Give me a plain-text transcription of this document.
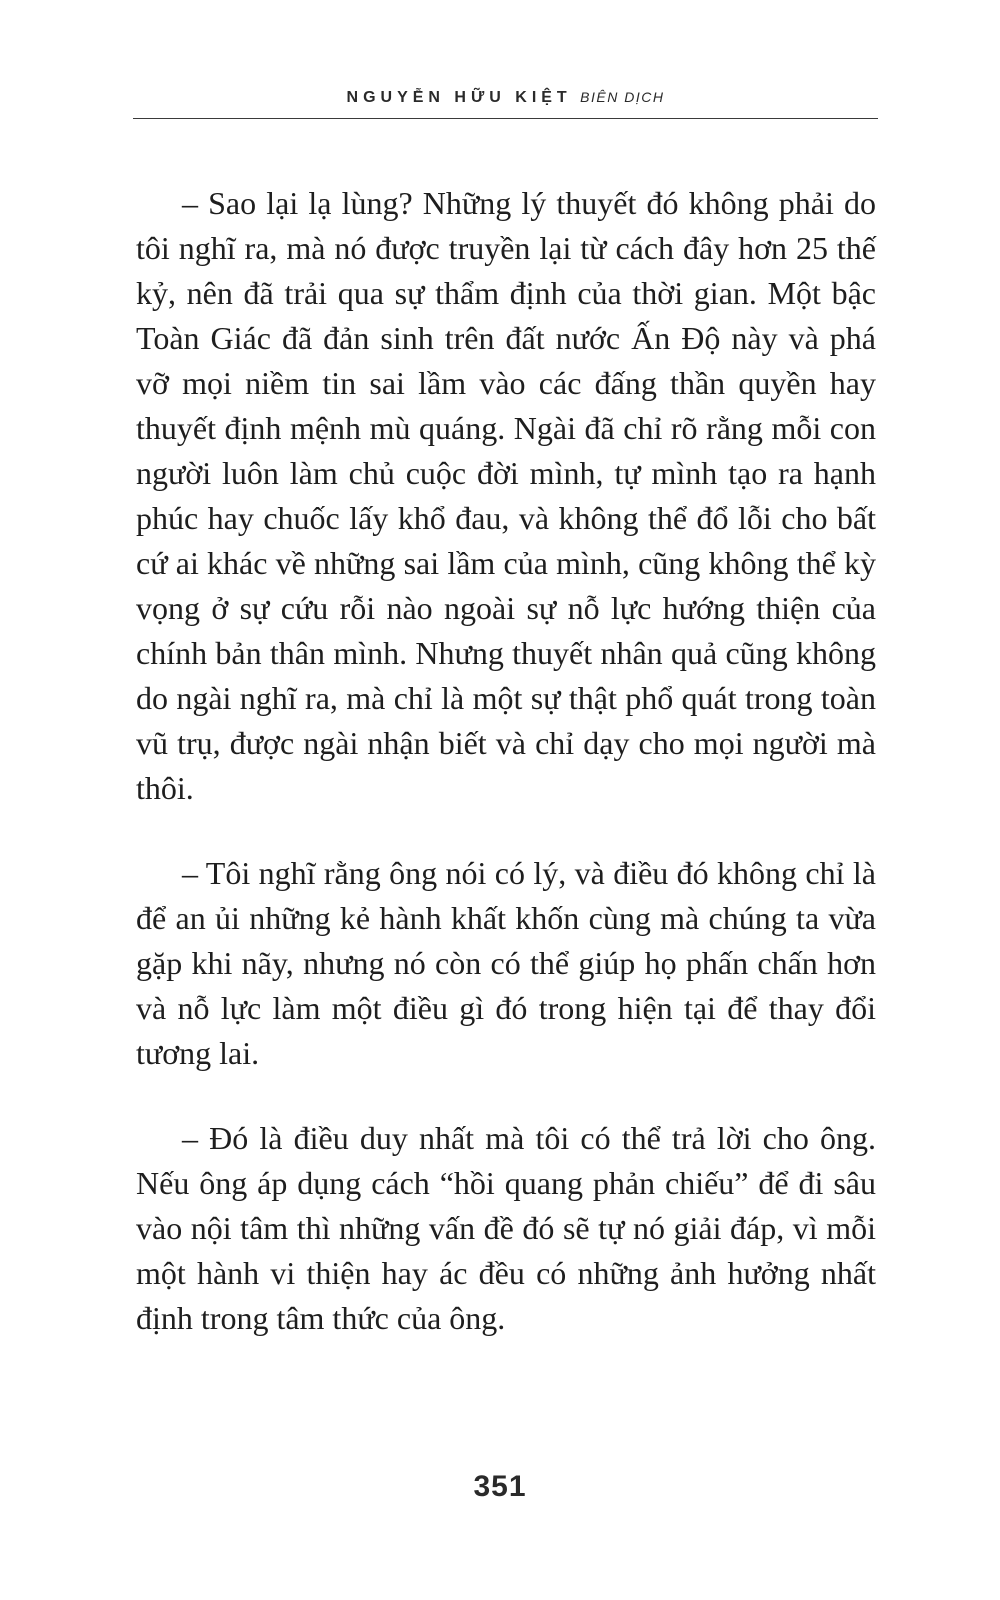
NGUYỄN HỮU KIỆT BIÊN DỊCH

– Sao lại lạ lùng? Những lý thuyết đó không phải do tôi nghĩ ra, mà nó được truyền lại từ cách đây hơn 25 thế kỷ, nên đã trải qua sự thẩm định của thời gian. Một bậc Toàn Giác đã đản sinh trên đất nước Ấn Độ này và phá vỡ mọi niềm tin sai lầm vào các đấng thần quyền hay thuyết định mệnh mù quáng. Ngài đã chỉ rõ rằng mỗi con người luôn làm chủ cuộc đời mình, tự mình tạo ra hạnh phúc hay chuốc lấy khổ đau, và không thể đổ lỗi cho bất cứ ai khác về những sai lầm của mình, cũng không thể kỳ vọng ở sự cứu rỗi nào ngoài sự nỗ lực hướng thiện của chính bản thân mình. Nhưng thuyết nhân quả cũng không do ngài nghĩ ra, mà chỉ là một sự thật phổ quát trong toàn vũ trụ, được ngài nhận biết và chỉ dạy cho mọi người mà thôi.

– Tôi nghĩ rằng ông nói có lý, và điều đó không chỉ là để an ủi những kẻ hành khất khốn cùng mà chúng ta vừa gặp khi nãy, nhưng nó còn có thể giúp họ phấn chấn hơn và nỗ lực làm một điều gì đó trong hiện tại để thay đổi tương lai.

– Đó là điều duy nhất mà tôi có thể trả lời cho ông. Nếu ông áp dụng cách “hồi quang phản chiếu” để đi sâu vào nội tâm thì những vấn đề đó sẽ tự nó giải đáp, vì mỗi một hành vi thiện hay ác đều có những ảnh hưởng nhất định trong tâm thức của ông.

351
